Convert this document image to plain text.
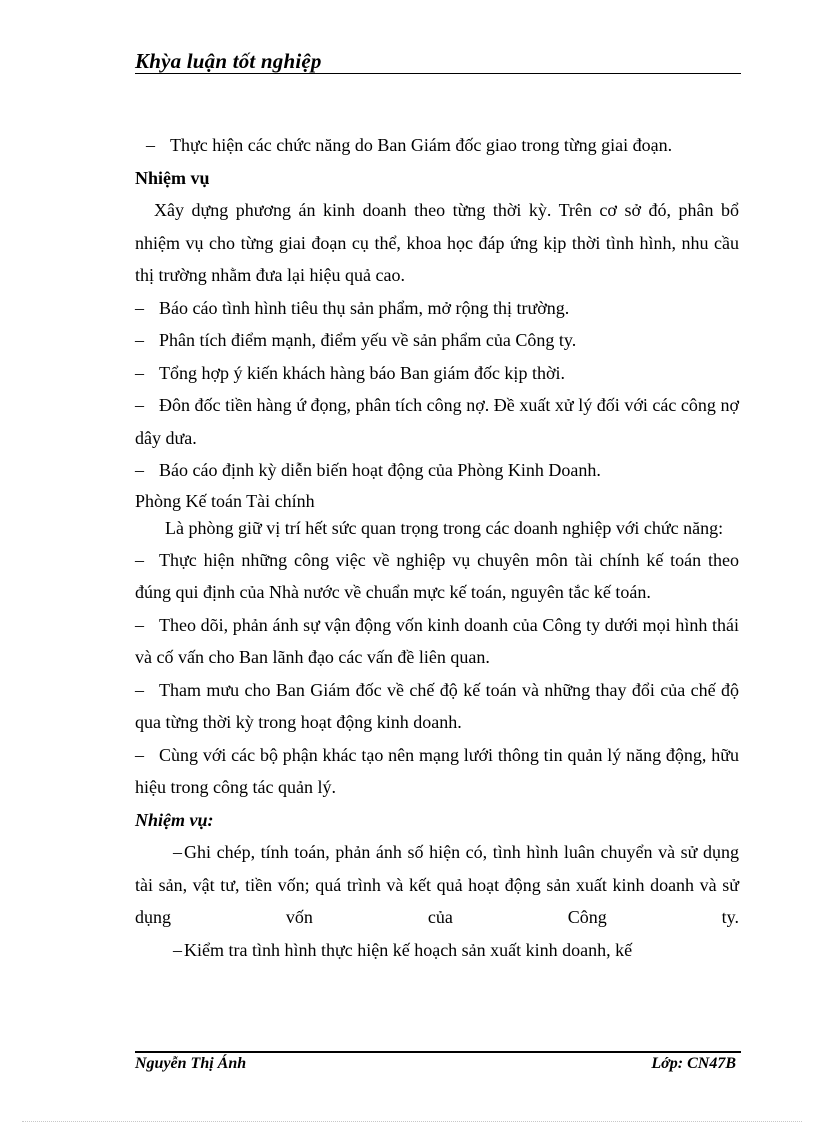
Khỳa luận tốt nghiệp

– Thực hiện các chức năng do Ban Giám đốc giao trong từng giai đoạn.

Nhiệm vụ

Xây dựng phương án kinh doanh theo từng thời kỳ. Trên cơ sở đó, phân bổ nhiệm vụ cho từng giai đoạn cụ thể, khoa học đáp ứng kịp thời tình hình, nhu cầu thị trường nhằm đưa lại hiệu quả cao.

– Báo cáo tình hình tiêu thụ sản phẩm, mở rộng thị trường.

– Phân tích điểm mạnh, điểm yếu về sản phẩm của Công ty.

– Tổng hợp ý kiến khách hàng báo Ban giám đốc kịp thời.

– Đôn đốc tiền hàng ứ đọng, phân tích công nợ. Đề xuất xử lý đối với các công nợ dây dưa.

– Báo cáo định kỳ diễn biến hoạt động của Phòng Kinh Doanh.

Phòng Kế toán Tài chính

Là phòng giữ vị trí hết sức quan trọng trong các doanh nghiệp với chức năng:

– Thực hiện những công việc về nghiệp vụ chuyên môn tài chính kế toán theo đúng qui định của Nhà nước về chuẩn mực kế toán, nguyên tắc kế toán.

– Theo dõi, phản ánh sự vận động vốn kinh doanh của Công ty dưới mọi hình thái và cố vấn cho Ban lãnh đạo các vấn đề liên quan.

– Tham mưu cho Ban Giám đốc về chế độ kế toán và những thay đổi của chế độ qua từng thời kỳ trong hoạt động kinh doanh.

– Cùng với các bộ phận khác tạo nên mạng lưới thông tin quản lý năng động, hữu hiệu trong công tác quản lý.

Nhiệm vụ:

– Ghi chép, tính toán, phản ánh số hiện có, tình hình luân chuyển và sử dụng tài sản, vật tư, tiền vốn; quá trình và kết quả hoạt động sản xuất kinh doanh và sử dụng vốn của Công ty.

– Kiểm tra tình hình thực hiện kế hoạch sản xuất kinh doanh, kế

Nguyễn Thị Ánh	Lớp: CN47B
